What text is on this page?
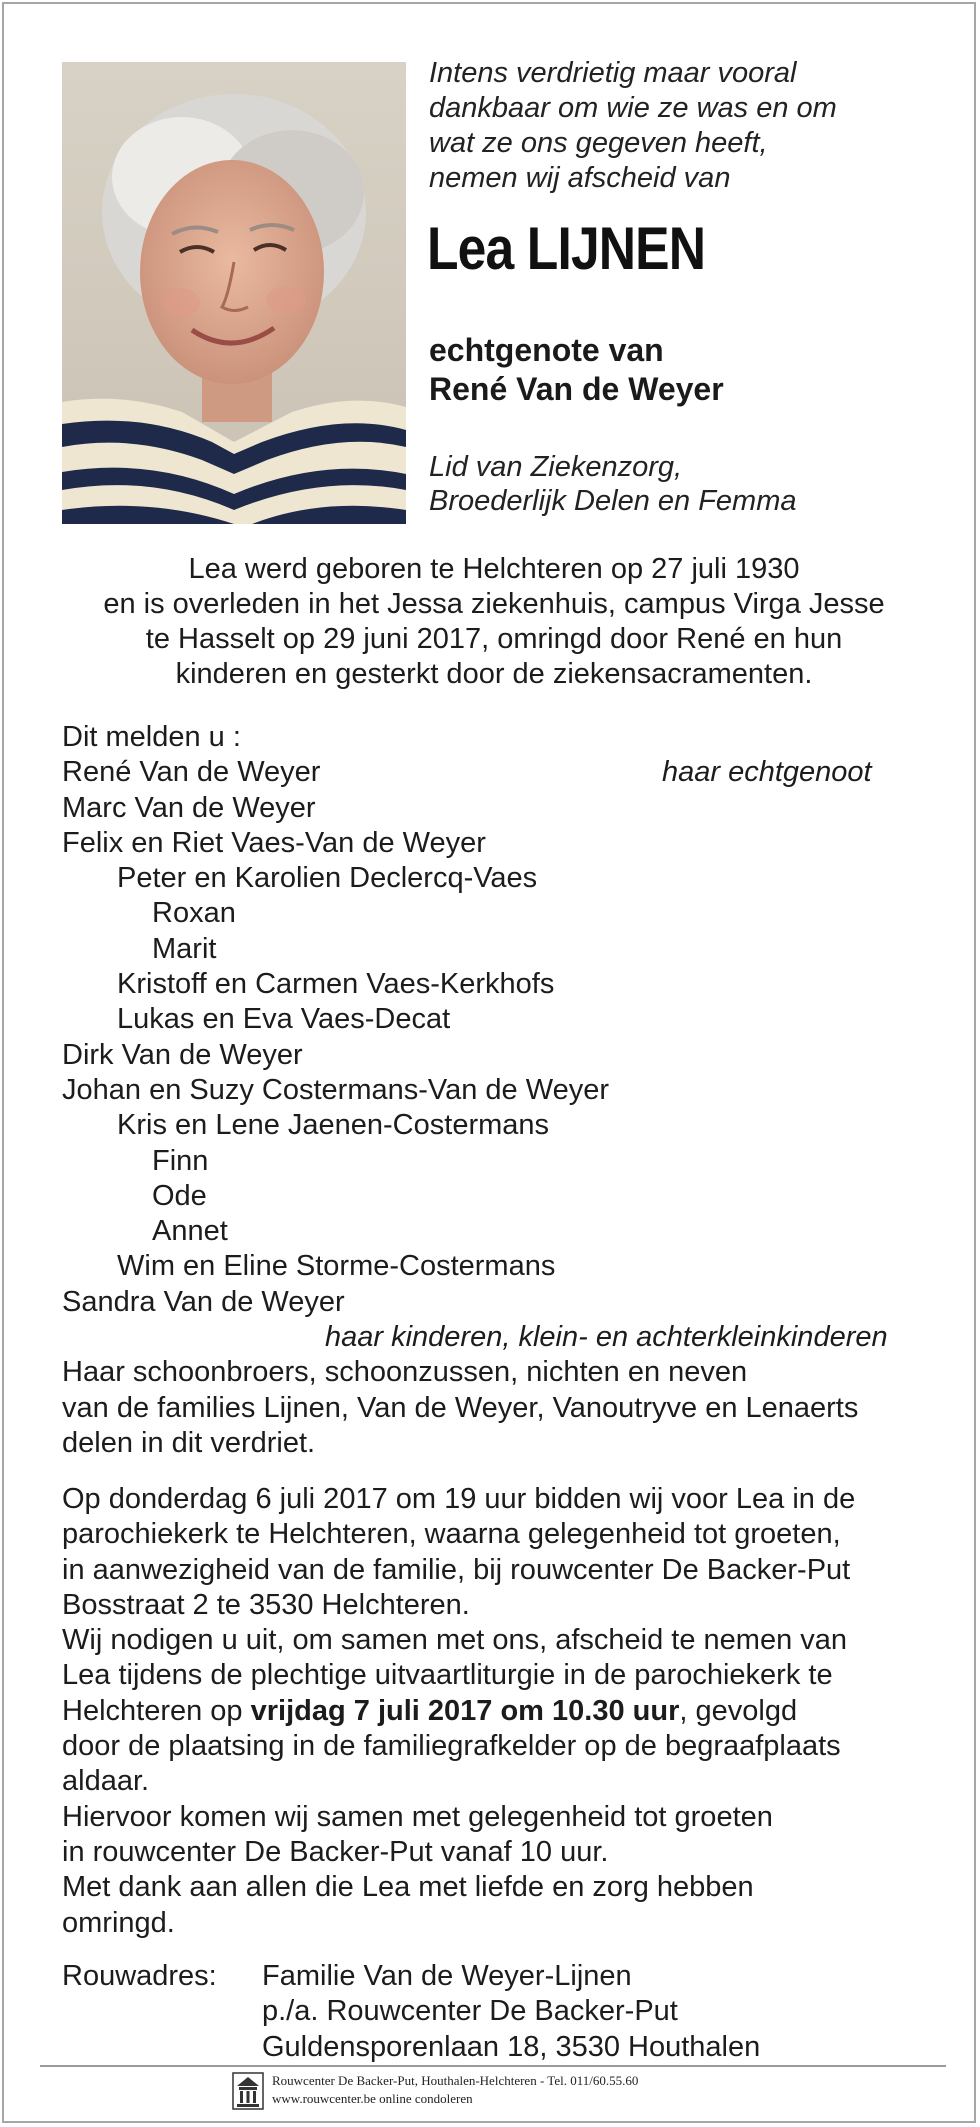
Intens verdrietig maar vooral
dankbaar om wie ze was en om
wat ze ons gegeven heeft,
nemen wij afscheid van
Lea LIJNEN
echtgenote van
René Van de Weyer
Lid van Ziekenzorg,
Broederlijk Delen en Femma
Lea werd geboren te Helchteren op 27 juli 1930
en is overleden in het Jessa ziekenhuis, campus Virga Jesse
te Hasselt op 29 juni 2017, omringd door René en hun
kinderen en gesterkt door de ziekensacramenten.
Dit melden u :
haar echtgenoot
René Van de Weyer
Marc Van de Weyer
Felix en Riet Vaes-Van de Weyer
Peter en Karolien Declercq-Vaes
Roxan
Marit
Kristoff en Carmen Vaes-Kerkhofs
Lukas en Eva Vaes-Decat
Dirk Van de Weyer
Johan en Suzy Costermans-Van de Weyer
Kris en Lene Jaenen-Costermans
Finn
Ode
Annet
Wim en Eline Storme-Costermans
Sandra Van de Weyer
haar kinderen, klein- en achterkleinkinderen
Haar schoonbroers, schoonzussen, nichten en neven
van de families Lijnen, Van de Weyer, Vanoutryve en Lenaerts
delen in dit verdriet.

Op donderdag 6 juli 2017 om 19 uur bidden wij voor Lea in de

parochiekerk te Helchteren, waarna gelegenheid tot groeten,

in aanwezigheid van de familie, bij rouwcenter De Backer-Put

Bosstraat 2 te 3530 Helchteren.

Wij nodigen u uit, om samen met ons, afscheid te nemen van

Lea tijdens de plechtige uitvaartliturgie in de parochiekerk te

Helchteren op vrijdag 7 juli 2017 om 10.30 uur, gevolgd

door de plaatsing in de familiegrafkelder op de begraafplaats

aldaar.

Hiervoor komen wij samen met gelegenheid tot groeten

in rouwcenter De Backer-Put vanaf 10 uur.

Met dank aan allen die Lea met liefde en zorg hebben

omringd.

Rouwadres: Familie Van de Weyer-Lijnen
p./a. Rouwcenter De Backer-Put
Guldensporenlaan 18, 3530 Houthalen
Rouwcenter De Backer-Put, Houthalen-Helchteren - Tel. 011/60.55.60
www.rouwcenter.be online condoleren
